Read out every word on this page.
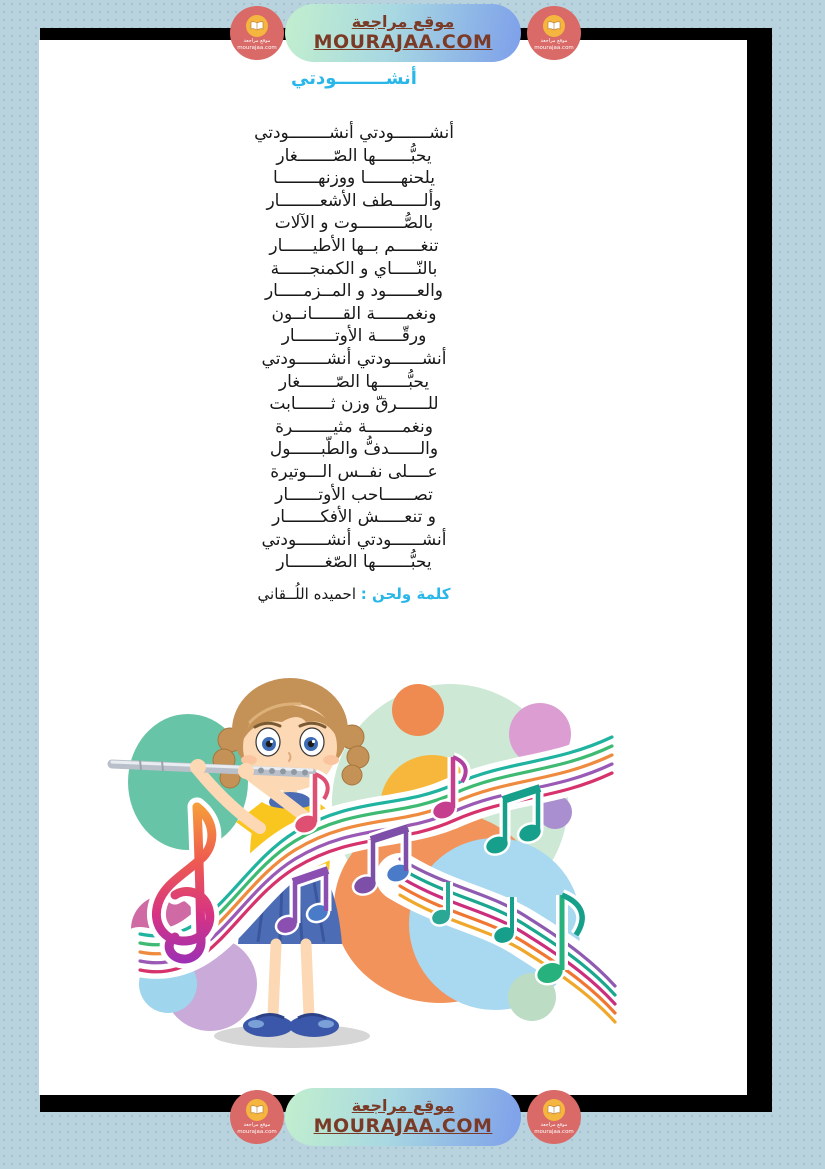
موقع مراجعة
mourajaa.com
موقع مراجعة
mourajaa.com
موقع مراجعة
MOURAJAA.COM
أنشــــــــودتي
أنشـــــــودتي أنشــــــــودتي
يحبُّـــــــها الصّـــــــغار
يلحنهـــــــا ووزنهــــــــا
وألــــــطف الأشعــــــــار
بالصُّـــــــــوت و الآلات
تنغـــــم بــها الأطيــــــار
بالنّـــــاي و الكمنجــــــة
والعــــــود و المــزمـــــار
ونغمــــــة القــــــانــون
ورقّـــــة الأوتــــــــار
أنشــــــودتي أنشــــــودتي
يحبُّــــــها الصّـــــــغار
للــــــرقّ وزن ثـــــــابت
ونغمـــــــة مثيــــــــرة
والــــــدفُّ والطّبــــــول
عــــلى نفــس الـــوتيرة
تصــــــاحب الأوتــــــار
و تنعـــــش الأفكـــــــار
أنشــــــودتي أنشــــــودتي
يحبُّـــــــها الصّغـــــــار
كلمة ولحن : احميده اللُــقاني
موقع مراجعة
mourajaa.com
موقع مراجعة
mourajaa.com
موقع مراجعة
MOURAJAA.COM
